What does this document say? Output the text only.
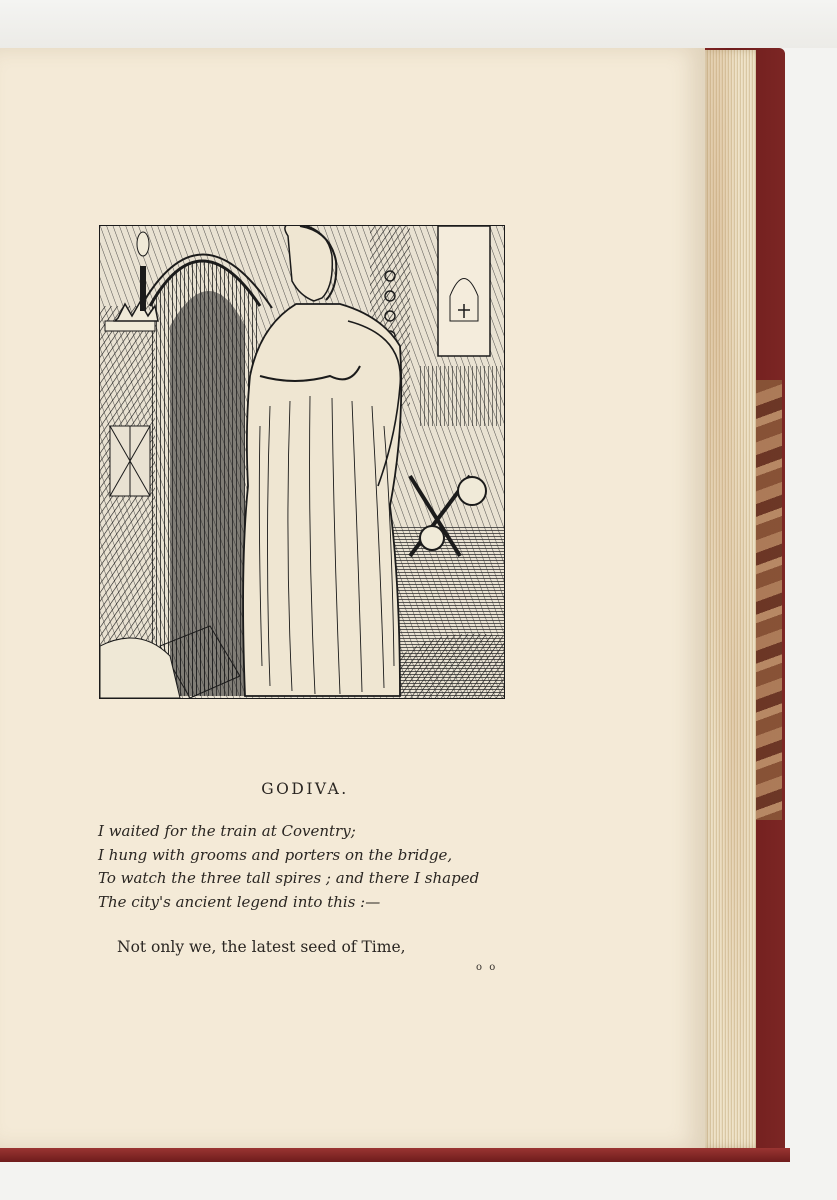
GODIVA.
I waited for the train at Coventry;
I hung with grooms and porters on the bridge,
To watch the three tall spires ; and there I shaped
The city's ancient legend into this :—
Not only we, the latest seed of Time,
o o
